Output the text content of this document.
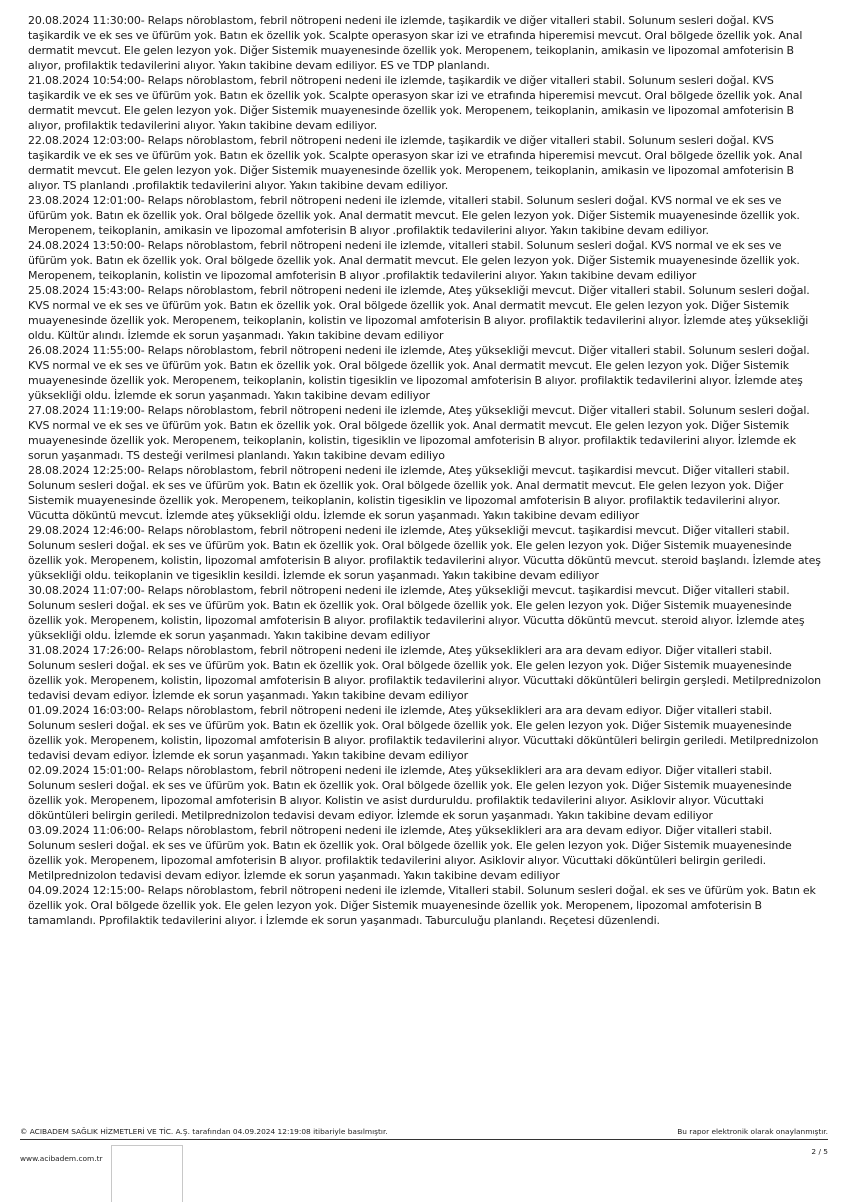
20.08.2024 11:30:00- Relaps nöroblastom, febril nötropeni nedeni ile izlemde, taşikardik ve diğer vitalleri stabil. Solunum sesleri doğal. KVS taşikardik ve ek ses ve üfürüm yok. Batın ek özellik yok. Scalpte operasyon skar izi ve etrafında hiperemisi mevcut. Oral bölgede özellik yok. Anal dermatit mevcut. Ele gelen lezyon yok. Diğer Sistemik muayenesinde özellik yok. Meropenem, teikoplanin, amikasin ve lipozomal amfoterisin B alıyor, profilaktik tedavilerini alıyor. Yakın takibine devam ediliyor. ES ve TDP planlandı.

21.08.2024 10:54:00- Relaps nöroblastom, febril nötropeni nedeni ile izlemde, taşikardik ve diğer vitalleri stabil. Solunum sesleri doğal. KVS taşikardik ve ek ses ve üfürüm yok. Batın ek özellik yok. Scalpte operasyon skar izi ve etrafında hiperemisi mevcut. Oral bölgede özellik yok. Anal dermatit mevcut. Ele gelen lezyon yok. Diğer Sistemik muayenesinde özellik yok. Meropenem, teikoplanin, amikasin ve lipozomal amfoterisin B alıyor, profilaktik tedavilerini alıyor. Yakın takibine devam ediliyor.

22.08.2024 12:03:00- Relaps nöroblastom, febril nötropeni nedeni ile izlemde, taşikardik ve diğer vitalleri stabil. Solunum sesleri doğal. KVS taşikardik ve ek ses ve üfürüm yok. Batın ek özellik yok. Scalpte operasyon skar izi ve etrafında hiperemisi mevcut. Oral bölgede özellik yok. Anal dermatit mevcut. Ele gelen lezyon yok. Diğer Sistemik muayenesinde özellik yok. Meropenem, teikoplanin, amikasin ve lipozomal amfoterisin B alıyor. TS planlandı .profilaktik tedavilerini alıyor. Yakın takibine devam ediliyor.

23.08.2024 12:01:00- Relaps nöroblastom, febril nötropeni nedeni ile izlemde, vitalleri stabil. Solunum sesleri doğal. KVS normal ve ek ses ve üfürüm yok. Batın ek özellik yok. Oral bölgede özellik yok. Anal dermatit mevcut. Ele gelen lezyon yok. Diğer Sistemik muayenesinde özellik yok. Meropenem, teikoplanin, amikasin ve lipozomal amfoterisin B alıyor .profilaktik tedavilerini alıyor. Yakın takibine devam ediliyor.

24.08.2024 13:50:00- Relaps nöroblastom, febril nötropeni nedeni ile izlemde, vitalleri stabil. Solunum sesleri doğal. KVS normal ve ek ses ve üfürüm yok. Batın ek özellik yok. Oral bölgede özellik yok. Anal dermatit mevcut. Ele gelen lezyon yok. Diğer Sistemik muayenesinde özellik yok. Meropenem, teikoplanin, kolistin ve lipozomal amfoterisin B alıyor .profilaktik tedavilerini alıyor. Yakın takibine devam ediliyor

25.08.2024 15:43:00- Relaps nöroblastom, febril nötropeni nedeni ile izlemde, Ateş yüksekliği mevcut. Diğer vitalleri stabil. Solunum sesleri doğal. KVS normal ve ek ses ve üfürüm yok. Batın ek özellik yok. Oral bölgede özellik yok. Anal dermatit mevcut. Ele gelen lezyon yok. Diğer Sistemik muayenesinde özellik yok. Meropenem, teikoplanin, kolistin ve lipozomal amfoterisin B alıyor. profilaktik tedavilerini alıyor. İzlemde ateş yüksekliği oldu. Kültür alındı. İzlemde ek sorun yaşanmadı. Yakın takibine devam ediliyor

26.08.2024 11:55:00- Relaps nöroblastom, febril nötropeni nedeni ile izlemde, Ateş yüksekliği mevcut. Diğer vitalleri stabil. Solunum sesleri doğal. KVS normal ve ek ses ve üfürüm yok. Batın ek özellik yok. Oral bölgede özellik yok. Anal dermatit mevcut. Ele gelen lezyon yok. Diğer Sistemik muayenesinde özellik yok. Meropenem, teikoplanin, kolistin tigesiklin ve lipozomal amfoterisin B alıyor. profilaktik tedavilerini alıyor. İzlemde ateş yüksekliği oldu. İzlemde ek sorun yaşanmadı. Yakın takibine devam ediliyor

27.08.2024 11:19:00- Relaps nöroblastom, febril nötropeni nedeni ile izlemde, Ateş yüksekliği mevcut. Diğer vitalleri stabil. Solunum sesleri doğal. KVS normal ve ek ses ve üfürüm yok. Batın ek özellik yok. Oral bölgede özellik yok. Anal dermatit mevcut. Ele gelen lezyon yok. Diğer Sistemik muayenesinde özellik yok. Meropenem, teikoplanin, kolistin, tigesiklin ve lipozomal amfoterisin B alıyor. profilaktik tedavilerini alıyor. İzlemde ek sorun yaşanmadı. TS desteği verilmesi planlandı. Yakın takibine devam ediliyo

28.08.2024 12:25:00- Relaps nöroblastom, febril nötropeni nedeni ile izlemde, Ateş yüksekliği mevcut. taşikardisi mevcut. Diğer vitalleri stabil. Solunum sesleri doğal. ek ses ve üfürüm yok. Batın ek özellik yok. Oral bölgede özellik yok. Anal dermatit mevcut. Ele gelen lezyon yok. Diğer Sistemik muayenesinde özellik yok. Meropenem, teikoplanin, kolistin tigesiklin ve lipozomal amfoterisin B alıyor. profilaktik tedavilerini alıyor. Vücutta döküntü mevcut. İzlemde ateş yüksekliği oldu. İzlemde ek sorun yaşanmadı. Yakın takibine devam ediliyor

29.08.2024 12:46:00- Relaps nöroblastom, febril nötropeni nedeni ile izlemde, Ateş yüksekliği mevcut. taşikardisi mevcut. Diğer vitalleri stabil. Solunum sesleri doğal. ek ses ve üfürüm yok. Batın ek özellik yok. Oral bölgede özellik yok. Ele gelen lezyon yok. Diğer Sistemik muayenesinde özellik yok. Meropenem, kolistin, lipozomal amfoterisin B alıyor. profilaktik tedavilerini alıyor. Vücutta döküntü mevcut. steroid başlandı. İzlemde ateş yüksekliği oldu. teikoplanin ve tigesiklin kesildi. İzlemde ek sorun yaşanmadı. Yakın takibine devam ediliyor

30.08.2024 11:07:00- Relaps nöroblastom, febril nötropeni nedeni ile izlemde, Ateş yüksekliği mevcut. taşikardisi mevcut. Diğer vitalleri stabil. Solunum sesleri doğal. ek ses ve üfürüm yok. Batın ek özellik yok. Oral bölgede özellik yok. Ele gelen lezyon yok. Diğer Sistemik muayenesinde özellik yok. Meropenem, kolistin, lipozomal amfoterisin B alıyor. profilaktik tedavilerini alıyor. Vücutta döküntü mevcut. steroid alıyor. İzlemde ateş yüksekliği oldu. İzlemde ek sorun yaşanmadı. Yakın takibine devam ediliyor

31.08.2024 17:26:00- Relaps nöroblastom, febril nötropeni nedeni ile izlemde, Ateş yükseklikleri ara ara devam ediyor. Diğer vitalleri stabil. Solunum sesleri doğal. ek ses ve üfürüm yok. Batın ek özellik yok. Oral bölgede özellik yok. Ele gelen lezyon yok. Diğer Sistemik muayenesinde özellik yok. Meropenem, kolistin, lipozomal amfoterisin B alıyor. profilaktik tedavilerini alıyor. Vücuttaki döküntüleri belirgin gerşledi. Metilprednizolon tedavisi devam ediyor. İzlemde ek sorun yaşanmadı. Yakın takibine devam ediliyor

01.09.2024 16:03:00- Relaps nöroblastom, febril nötropeni nedeni ile izlemde, Ateş yükseklikleri ara ara devam ediyor. Diğer vitalleri stabil. Solunum sesleri doğal. ek ses ve üfürüm yok. Batın ek özellik yok. Oral bölgede özellik yok. Ele gelen lezyon yok. Diğer Sistemik muayenesinde özellik yok. Meropenem, kolistin, lipozomal amfoterisin B alıyor. profilaktik tedavilerini alıyor. Vücuttaki döküntüleri belirgin geriledi. Metilprednizolon tedavisi devam ediyor. İzlemde ek sorun yaşanmadı. Yakın takibine devam ediliyor

02.09.2024 15:01:00- Relaps nöroblastom, febril nötropeni nedeni ile izlemde, Ateş yükseklikleri ara ara devam ediyor. Diğer vitalleri stabil. Solunum sesleri doğal. ek ses ve üfürüm yok. Batın ek özellik yok. Oral bölgede özellik yok. Ele gelen lezyon yok. Diğer Sistemik muayenesinde özellik yok. Meropenem, lipozomal amfoterisin B alıyor. Kolistin ve asist durduruldu. profilaktik tedavilerini alıyor. Asiklovir alıyor. Vücuttaki döküntüleri belirgin geriledi. Metilprednizolon tedavisi devam ediyor. İzlemde ek sorun yaşanmadı. Yakın takibine devam ediliyor

03.09.2024 11:06:00- Relaps nöroblastom, febril nötropeni nedeni ile izlemde, Ateş yükseklikleri ara ara devam ediyor. Diğer vitalleri stabil. Solunum sesleri doğal. ek ses ve üfürüm yok. Batın ek özellik yok. Oral bölgede özellik yok. Ele gelen lezyon yok. Diğer Sistemik muayenesinde özellik yok. Meropenem, lipozomal amfoterisin B alıyor. profilaktik tedavilerini alıyor. Asiklovir alıyor. Vücuttaki döküntüleri belirgin geriledi. Metilprednizolon tedavisi devam ediyor. İzlemde ek sorun yaşanmadı. Yakın takibine devam ediliyor

04.09.2024 12:15:00- Relaps nöroblastom, febril nötropeni nedeni ile izlemde, Vitalleri stabil. Solunum sesleri doğal. ek ses ve üfürüm yok. Batın ek özellik yok. Oral bölgede özellik yok. Ele gelen lezyon yok. Diğer Sistemik muayenesinde özellik yok. Meropenem, lipozomal amfoterisin B tamamlandı. Pprofilaktik tedavilerini alıyor. i İzlemde ek sorun yaşanmadı. Taburculuğu planlandı. Reçetesi düzenlendi.

© ACIBADEM SAĞLIK HİZMETLERİ VE TİC. A.Ş. tarafından 04.09.2024 12:19:08 itibariyle basılmıştır.	Bu rapor elektronik olarak onaylanmıştır.
www.acibadem.com.tr
2 / 5
